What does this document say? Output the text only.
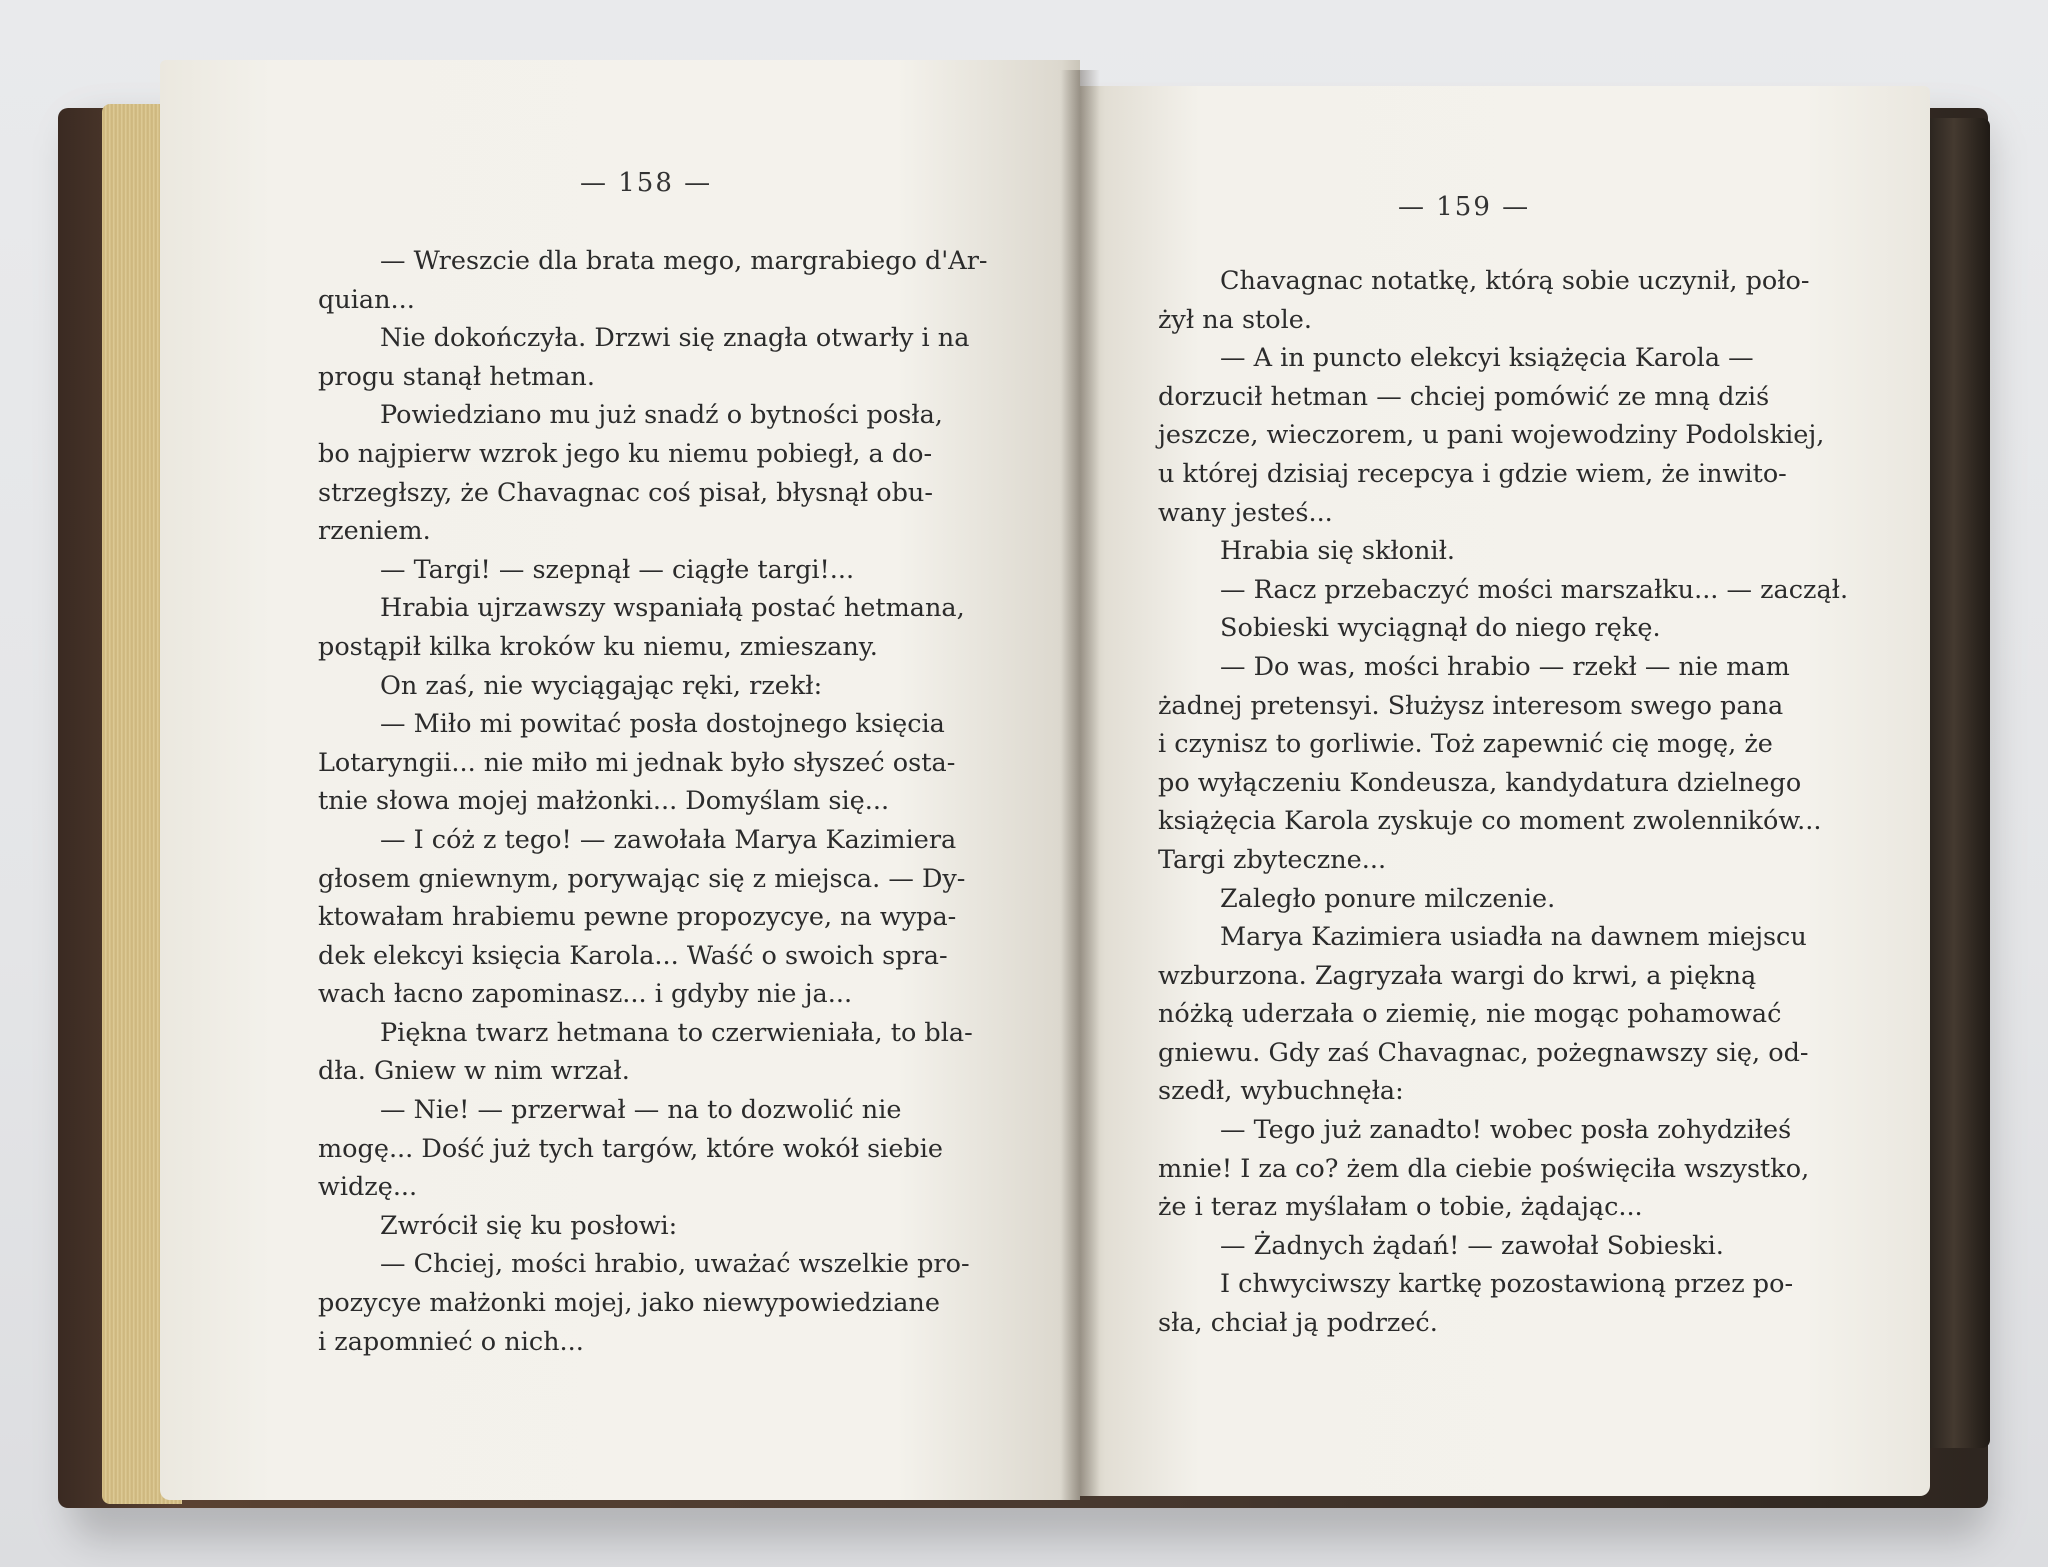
— 158 —
— Wreszcie dla brata mego, margrabiego d'Ar-
quian...
Nie dokończyła. Drzwi się znagła otwarły i na
progu stanął hetman.
Powiedziano mu już snadź o bytności posła,
bo najpierw wzrok jego ku niemu pobiegł, a do-
strzegłszy, że Chavagnac coś pisał, błysnął obu-
rzeniem.
— Targi! — szepnął — ciągłe targi!...
Hrabia ujrzawszy wspaniałą postać hetmana,
postąpił kilka kroków ku niemu, zmieszany.
On zaś, nie wyciągając ręki, rzekł:
— Miło mi powitać posła dostojnego księcia
Lotaryngii... nie miło mi jednak było słyszeć osta-
tnie słowa mojej małżonki... Domyślam się...
— I cóż z tego! — zawołała Marya Kazimiera
głosem gniewnym, porywając się z miejsca. — Dy-
ktowałam hrabiemu pewne propozycye, na wypa-
dek elekcyi księcia Karola... Waść o swoich spra-
wach łacno zapominasz... i gdyby nie ja...
Piękna twarz hetmana to czerwieniała, to bla-
dła. Gniew w nim wrzał.
— Nie! — przerwał — na to dozwolić nie
mogę... Dość już tych targów, które wokół siebie
widzę...
Zwrócił się ku posłowi:
— Chciej, mości hrabio, uważać wszelkie pro-
pozycye małżonki mojej, jako niewypowiedziane
i zapomnieć o nich...
— 159 —
Chavagnac notatkę, którą sobie uczynił, poło-
żył na stole.
— A in puncto elekcyi książęcia Karola —
dorzucił hetman — chciej pomówić ze mną dziś
jeszcze, wieczorem, u pani wojewodziny Podolskiej,
u której dzisiaj recepcya i gdzie wiem, że inwito-
wany jesteś...
Hrabia się skłonił.
— Racz przebaczyć mości marszałku... — zaczął.
Sobieski wyciągnął do niego rękę.
— Do was, mości hrabio — rzekł — nie mam
żadnej pretensyi. Służysz interesom swego pana
i czynisz to gorliwie. Toż zapewnić cię mogę, że
po wyłączeniu Kondeusza, kandydatura dzielnego
książęcia Karola zyskuje co moment zwolenników...
Targi zbyteczne...
Zaległo ponure milczenie.
Marya Kazimiera usiadła na dawnem miejscu
wzburzona. Zagryzała wargi do krwi, a piękną
nóżką uderzała o ziemię, nie mogąc pohamować
gniewu. Gdy zaś Chavagnac, pożegnawszy się, od-
szedł, wybuchnęła:
— Tego już zanadto! wobec posła zohydziłeś
mnie! I za co? żem dla ciebie poświęciła wszystko,
że i teraz myślałam o tobie, żądając...
— Żadnych żądań! — zawołał Sobieski.
I chwyciwszy kartkę pozostawioną przez po-
sła, chciał ją podrzeć.
